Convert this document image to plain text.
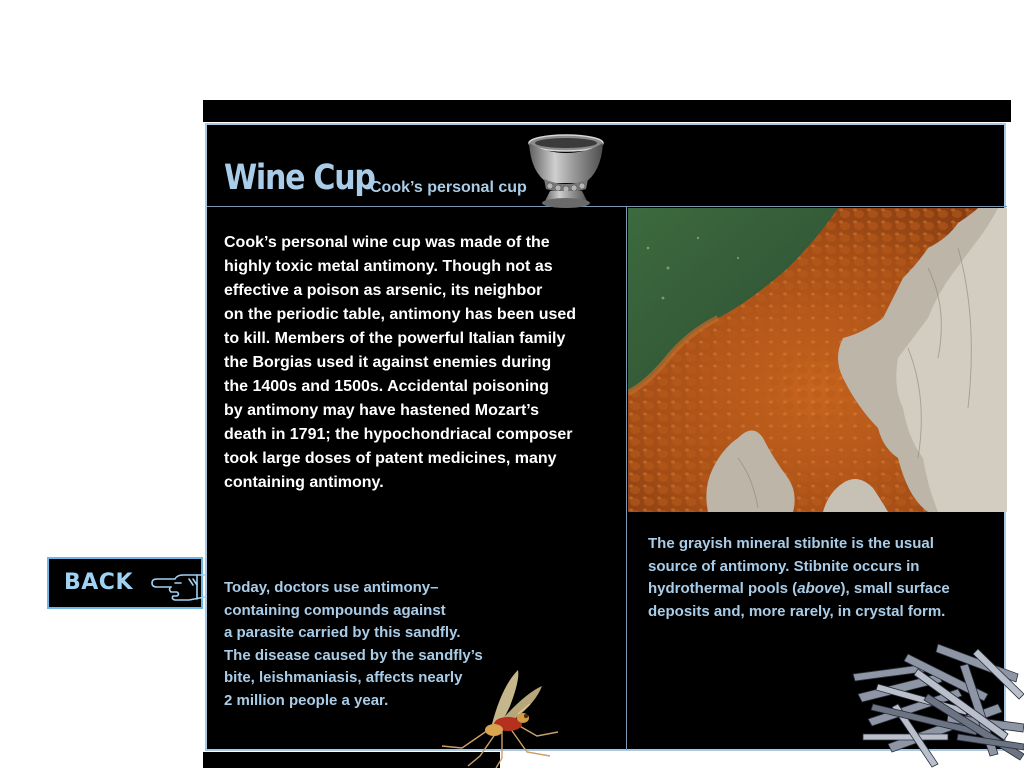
Wine Cup
Cook’s personal cup

Cook’s personal wine cup was made of the
highly toxic metal antimony. Though not as
effective a poison as arsenic, its neighbor
on the periodic table, antimony has been used
to kill. Members of the powerful Italian family
the Borgias used it against enemies during
the 1400s and 1500s. Accidental poisoning
by antimony may have hastened Mozart’s
death in 1791; the hypochondriacal composer
took large doses of patent medicines, many
containing antimony.

The grayish mineral stibnite is the usual
source of antimony. Stibnite occurs in
hydrothermal pools (above), small surface
deposits and, more rarely, in crystal form.

Today, doctors use antimony–
containing compounds against
a parasite carried by this sandfly.
The disease caused by the sandfly’s
bite, leishmaniasis, affects nearly
2 million people a year.

BACK
